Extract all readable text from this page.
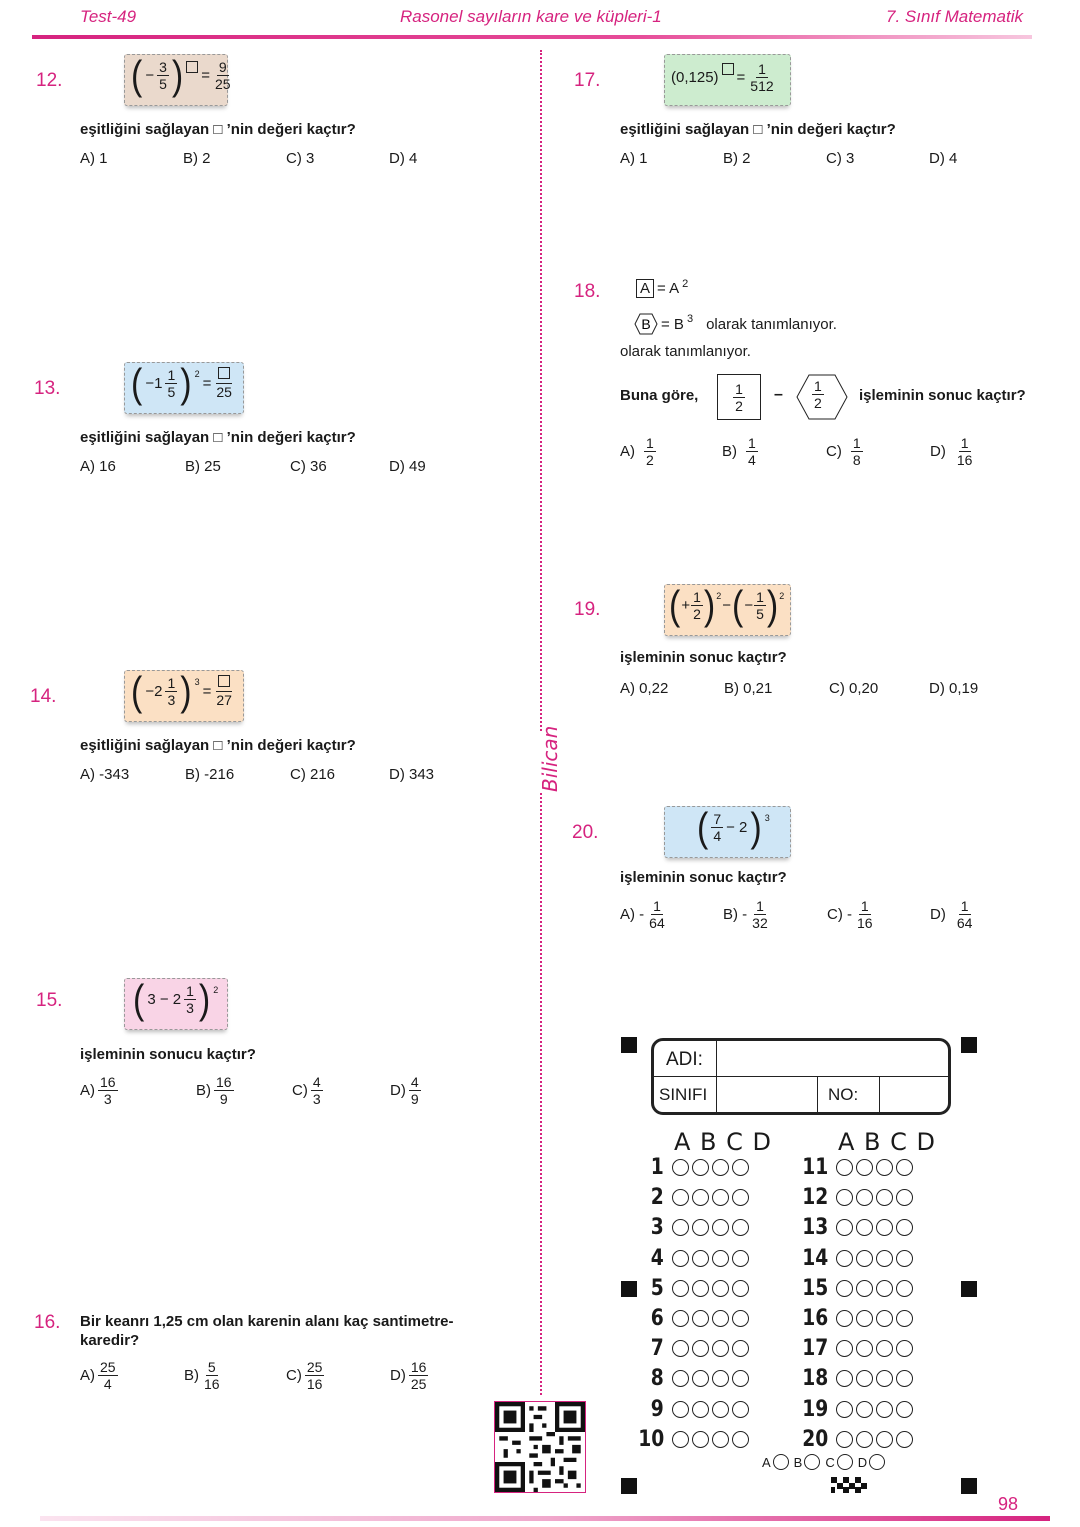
Test-49	Rasonel sayıların kare ve küpleri-1	7. Sınıf Matematik
Bilican
12. ( − $\frac{3}{5}$ ) = $\frac{9}{25}$
eşitliğini sağlayan □ ’nin değeri kaçtır?
A) 1	B) 2	C) 3	D) 4
13. ( $-1 \frac{1}{5}$ ) $^2$
= 25
eşitliğini sağlayan □ ’nin değeri kaçtır?
A) 16	B) 25	C) 36	D) 49
14. ( $-2 \frac{1}{3}$ ) $^3$
= 27
eşitliğini sağlayan □ ’nin değeri kaçtır?
A) -343	B) -216	C) 216	D) 343
15. ( $3 - 2 \frac{1}{3}$ ) $^2$
işleminin sonucu kaçtır?
$A) \frac{16}{3}$	$B) \frac{16}{9}$	$C) \frac{4}{3}$	$D) \frac{4}{9}$
16. Bir keanrı 1,25 cm olan karenin alanı kaç santimetre-
karedir?
$A) \frac{25}{4}$	$B) \frac{5}{16}$	$C) \frac{25}{16}$	$D) \frac{16}{25}$
17.	$(0,125) = \frac{1}{512}$
eşitliğini sağlayan □ ’nin değeri kaçtır?
A) 1	B) 2	C) 3	D) 4
18.	A = A $^2$
B = B $^3$ olarak tanımlanıyor.
olarak tanımlanıyor.
Buna göre, $\frac{1}{2} - \frac{1}{2}$ işleminin sonuc kaçtır?
$A) \frac{1}{2}$	$B) \frac{1}{4}$	$C) \frac{1}{8}$	$D) \frac{1}{16}$
19. ( + $\frac{1}{2} )^2$
− ( − $\frac{1}{5} )^2$
işleminin sonuc kaçtır?
A) 0,22	B) 0,21	C) 0,20	D) 0,19
20.	( $\frac{7}{4} - 2$ ) $^3$
işleminin sonuc kaçtır?
$A) - \frac{1}{64}$	$B) - \frac{1}{32}$	$C) - \frac{1}{16}$	$D) \frac{1}{64}$
ADI:
SINIFI	NO:
A B C D	A B C D
1
2
3
4
5
6
7
8
9
10
11
12
13
14
15
16
17
18
19
20
A B C D
98
